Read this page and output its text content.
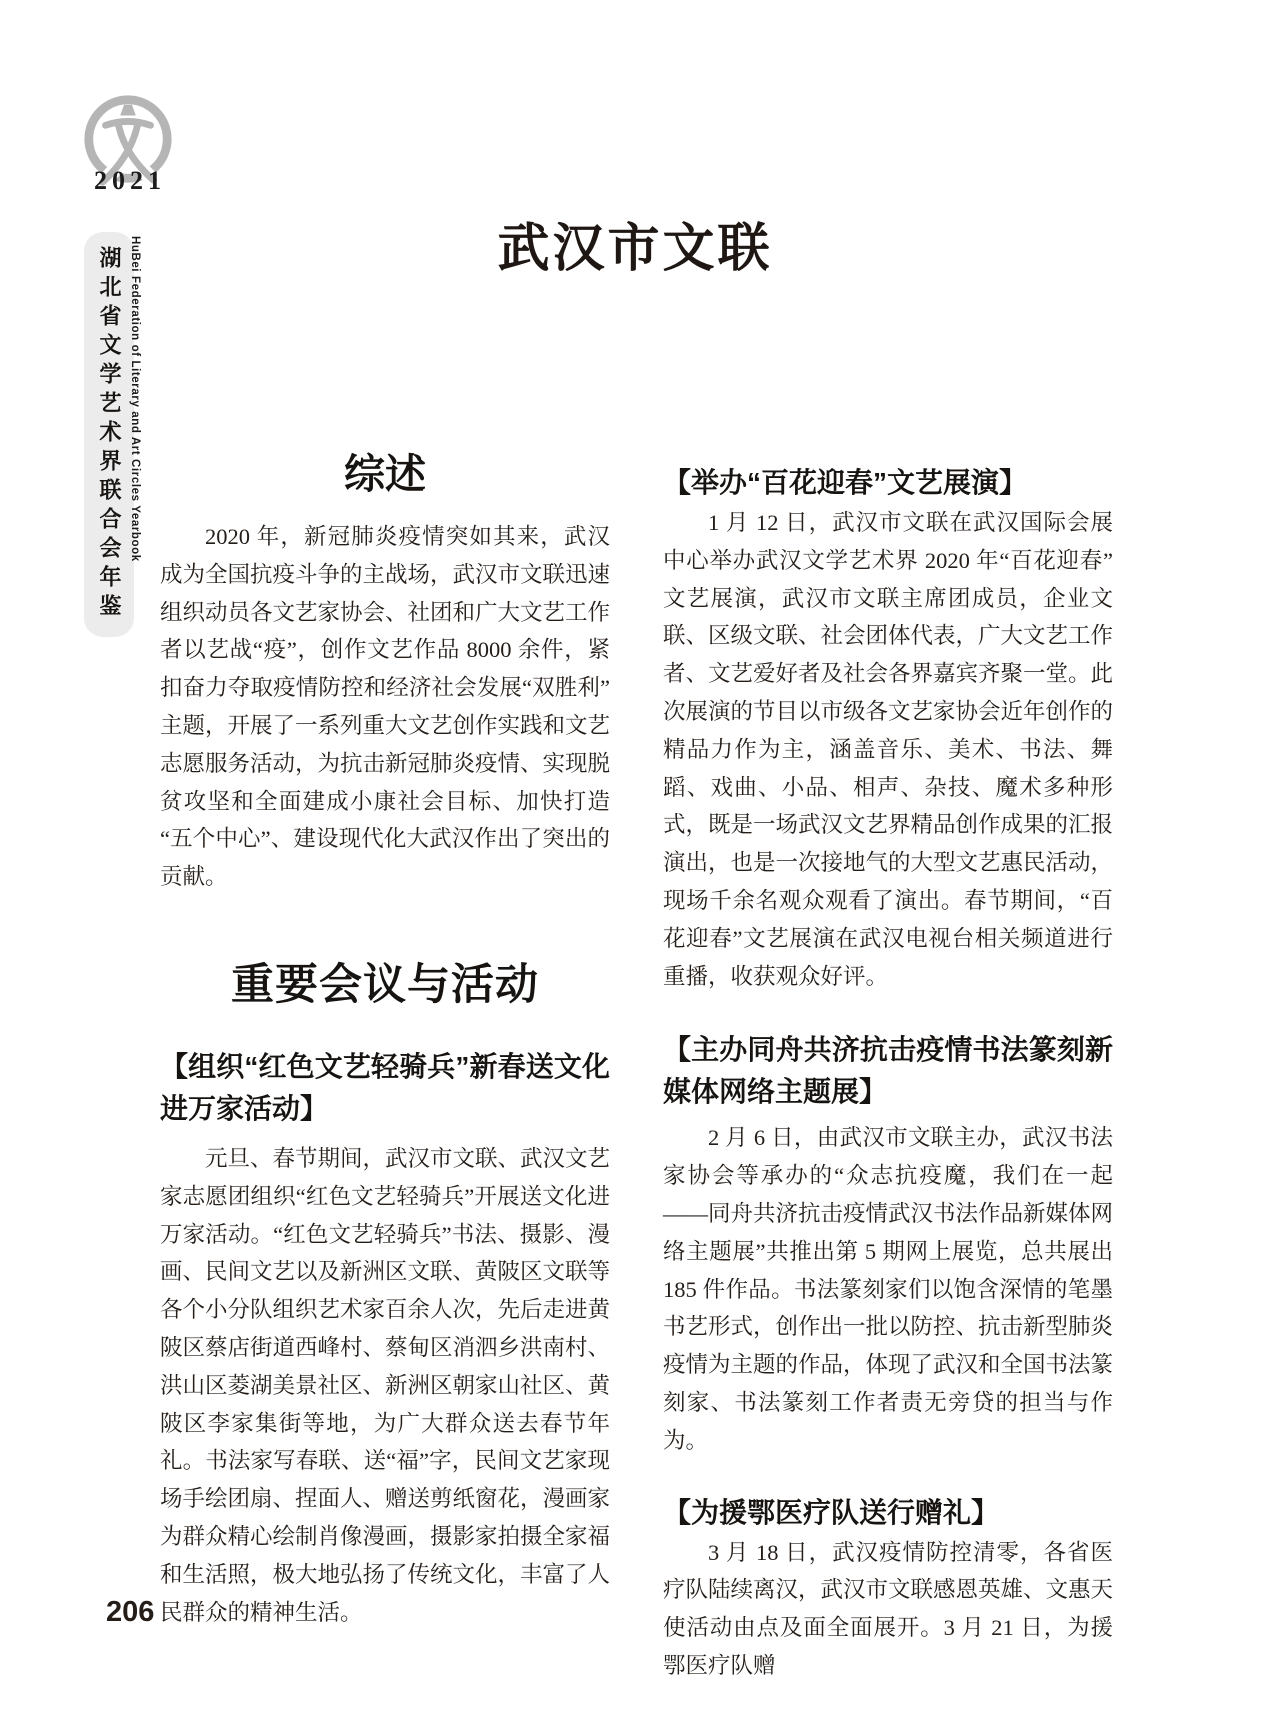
2021
湖北省文学艺术界联合会年鉴 HuBei Federation of Literary and Art Circles Yearbook
206
武汉市文联
综述

2020 年，新冠肺炎疫情突如其来，武汉成为全国抗疫斗争的主战场，武汉市文联迅速组织动员各文艺家协会、社团和广大文艺工作者以艺战“疫”，创作文艺作品 8000 余件，紧扣奋力夺取疫情防控和经济社会发展“双胜利”主题，开展了一系列重大文艺创作实践和文艺志愿服务活动，为抗击新冠肺炎疫情、实现脱贫攻坚和全面建成小康社会目标、加快打造“五个中心”、建设现代化大武汉作出了突出的贡献。

重要会议与活动
【组织“红色文艺轻骑兵”新春送文化进万家活动】

元旦、春节期间，武汉市文联、武汉文艺家志愿团组织“红色文艺轻骑兵”开展送文化进万家活动。“红色文艺轻骑兵”书法、摄影、漫画、民间文艺以及新洲区文联、黄陂区文联等各个小分队组织艺术家百余人次，先后走进黄陂区蔡店街道西峰村、蔡甸区消泗乡洪南村、洪山区菱湖美景社区、新洲区朝家山社区、黄陂区李家集街等地，为广大群众送去春节年礼。书法家写春联、送“福”字，民间文艺家现场手绘团扇、捏面人、赠送剪纸窗花，漫画家为群众精心绘制肖像漫画，摄影家拍摄全家福和生活照，极大地弘扬了传统文化，丰富了人民群众的精神生活。

【举办“百花迎春”文艺展演】

1 月 12 日，武汉市文联在武汉国际会展中心举办武汉文学艺术界 2020 年“百花迎春”文艺展演，武汉市文联主席团成员，企业文联、区级文联、社会团体代表，广大文艺工作者、文艺爱好者及社会各界嘉宾齐聚一堂。此次展演的节目以市级各文艺家协会近年创作的精品力作为主，涵盖音乐、美术、书法、舞蹈、戏曲、小品、相声、杂技、魔术多种形式，既是一场武汉文艺界精品创作成果的汇报演出，也是一次接地气的大型文艺惠民活动，现场千余名观众观看了演出。春节期间，“百花迎春”文艺展演在武汉电视台相关频道进行重播，收获观众好评。

【主办同舟共济抗击疫情书法篆刻新媒体网络主题展】

2 月 6 日，由武汉市文联主办，武汉书法家协会等承办的“众志抗疫魔，我们在一起——同舟共济抗击疫情武汉书法作品新媒体网络主题展”共推出第 5 期网上展览，总共展出 185 件作品。书法篆刻家们以饱含深情的笔墨书艺形式，创作出一批以防控、抗击新型肺炎疫情为主题的作品，体现了武汉和全国书法篆刻家、书法篆刻工作者责无旁贷的担当与作为。

【为援鄂医疗队送行赠礼】

3 月 18 日，武汉疫情防控清零，各省医疗队陆续离汉，武汉市文联感恩英雄、文惠天使活动由点及面全面展开。3 月 21 日，为援鄂医疗队赠
